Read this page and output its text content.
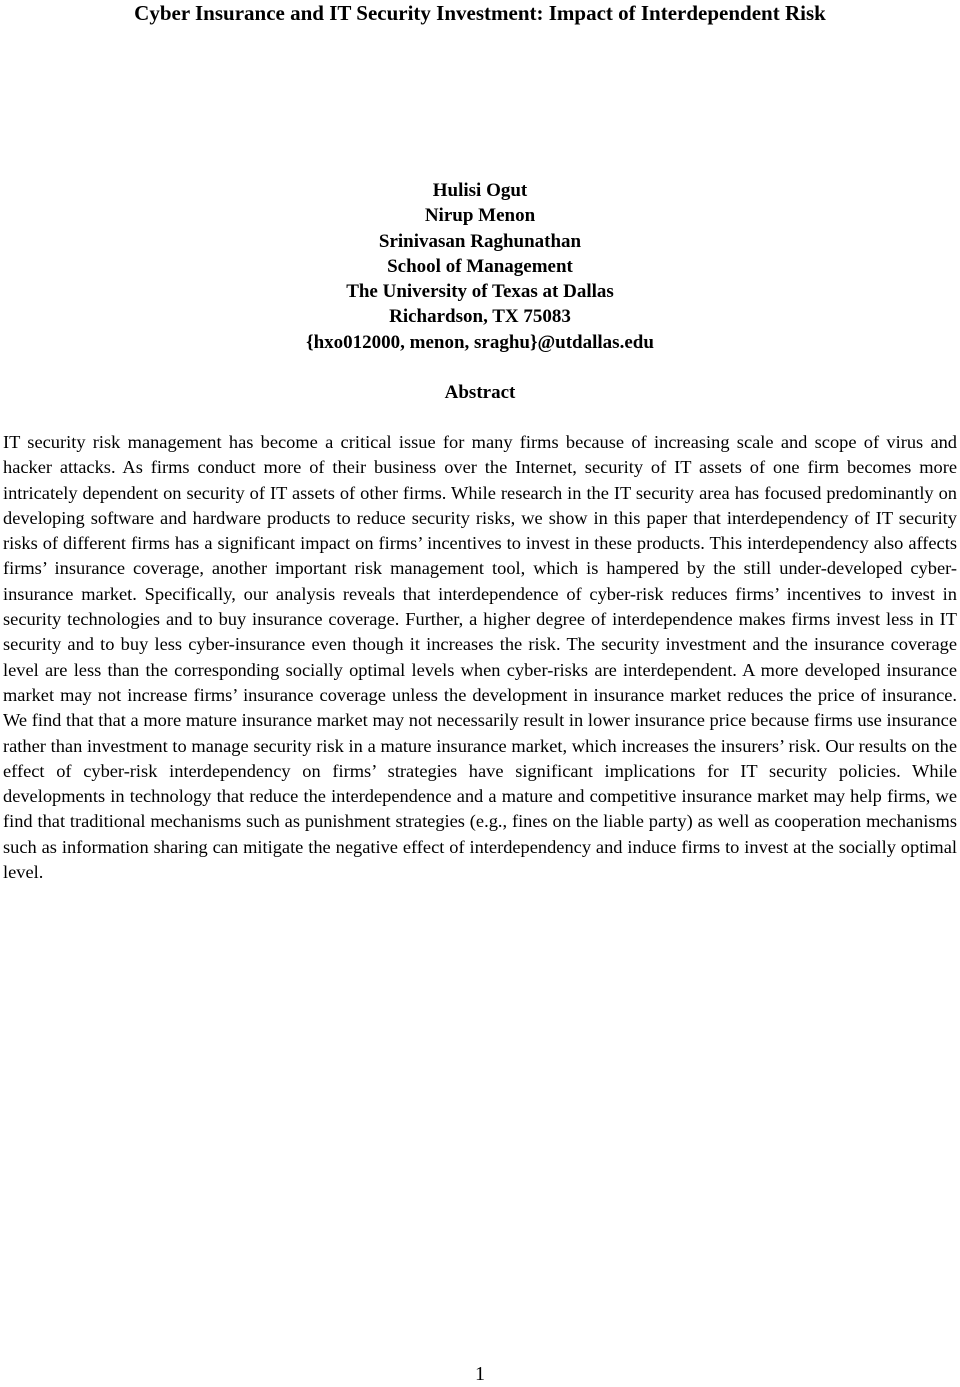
Cyber Insurance and IT Security Investment: Impact of Interdependent Risk
Hulisi Ogut
Nirup Menon
Srinivasan Raghunathan
School of Management
The University of Texas at Dallas
Richardson, TX 75083
{hxo012000, menon, sraghu}@utdallas.edu
Abstract

IT security risk management has become a critical issue for many firms because of increasing scale and scope of virus and hacker attacks. As firms conduct more of their business over the Internet, security of IT assets of one firm becomes more intricately dependent on security of IT assets of other firms. While research in the IT security area has focused predominantly on developing software and hardware products to reduce security risks, we show in this paper that interdependency of IT security risks of different firms has a significant impact on firms’ incentives to invest in these products. This interdependency also affects firms’ insurance coverage, another important risk management tool, which is hampered by the still under-developed cyber-insurance market. Specifically, our analysis reveals that interdependence of cyber-risk reduces firms’ incentives to invest in security technologies and to buy insurance coverage. Further, a higher degree of interdependence makes firms invest less in IT security and to buy less cyber-insurance even though it increases the risk. The security investment and the insurance coverage level are less than the corresponding socially optimal levels when cyber-risks are interdependent. A more developed insurance market may not increase firms’ insurance coverage unless the development in insurance market reduces the price of insurance. We find that that a more mature insurance market may not necessarily result in lower insurance price because firms use insurance rather than investment to manage security risk in a mature insurance market, which increases the insurers’ risk. Our results on the effect of cyber-risk interdependency on firms’ strategies have significant implications for IT security policies. While developments in technology that reduce the interdependence and a mature and competitive insurance market may help firms, we find that traditional mechanisms such as punishment strategies (e.g., fines on the liable party) as well as cooperation mechanisms such as information sharing can mitigate the negative effect of interdependency and induce firms to invest at the socially optimal level.

1
